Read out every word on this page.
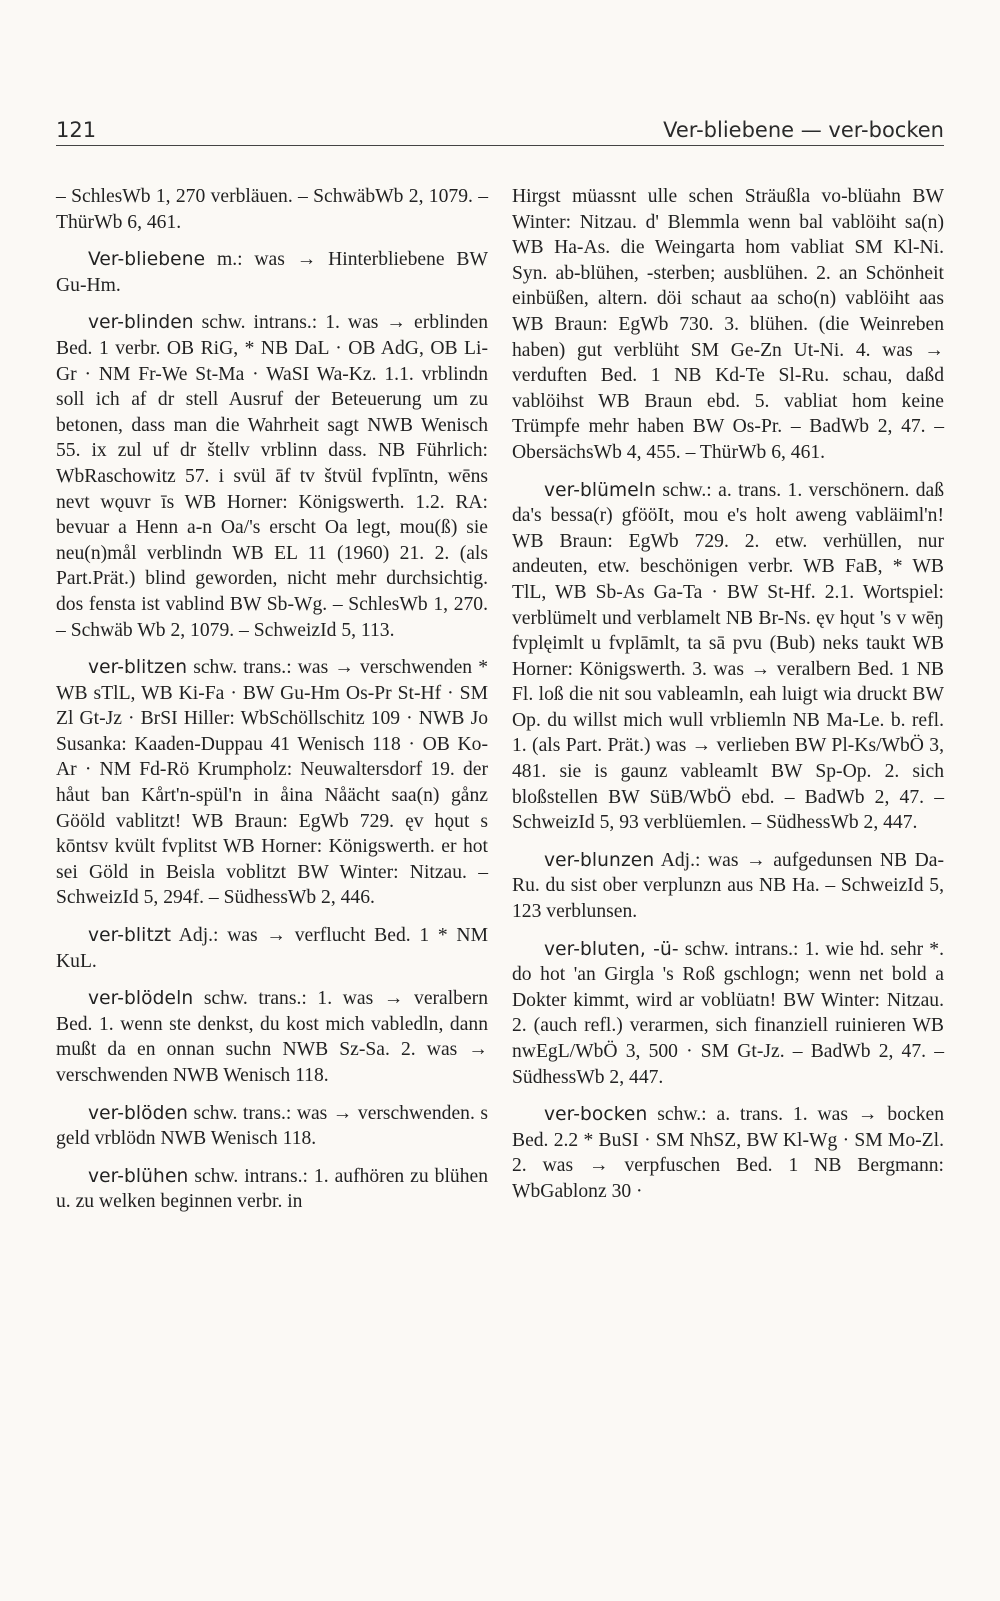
121	Ver-bliebene — ver-bocken

– SchlesWb 1, 270 verbläuen. – SchwäbWb 2, 1079. – ThürWb 6, 461.

Ver-bliebene m.: was → Hinterbliebene BW Gu-Hm.

ver-blinden schw. intrans.: 1. was → erblinden Bed. 1 verbr. OB RiG, * NB DaL · OB AdG, OB Li-Gr · NM Fr-We St-Ma · WaSI Wa-Kz. 1.1. vrblindn soll ich af dr stell Ausruf der Beteuerung um zu betonen, dass man die Wahrheit sagt NWB Wenisch 55. ix zul uf dr štellv vrblinn dass. NB Führlich: WbRaschowitz 57. i svül āf tv štvül fvplīntn, wēns nevt wǫuvr īs WB Horner: Königswerth. 1.2. RA: bevuar a Henn a-n Oa/'s erscht Oa legt, mou(ß) sie neu(n)mål verblindn WB EL 11 (1960) 21. 2. (als Part.Prät.) blind geworden, nicht mehr durchsichtig. dos fensta ist vablind BW Sb-Wg. – SchlesWb 1, 270. – Schwäb Wb 2, 1079. – SchweizId 5, 113.

ver-blitzen schw. trans.: was → verschwenden * WB sTlL, WB Ki-Fa · BW Gu-Hm Os-Pr St-Hf · SM Zl Gt-Jz · BrSI Hiller: WbSchöllschitz 109 · NWB Jo Susanka: Kaaden-Duppau 41 Wenisch 118 · OB Ko-Ar · NM Fd-Rö Krumpholz: Neuwaltersdorf 19. der håut ban Kårt'n-spül'n in åina Nåächt saa(n) gånz Gööld vablitzt! WB Braun: EgWb 729. ęv hǫut s kōntsv kvült fvplitst WB Horner: Königswerth. er hot sei Göld in Beisla voblitzt BW Winter: Nitzau. – SchweizId 5, 294f. – SüdhessWb 2, 446.

ver-blitzt Adj.: was → verflucht Bed. 1 * NM KuL.

ver-blödeln schw. trans.: 1. was → veralbern Bed. 1. wenn ste denkst, du kost mich vabledln, dann mußt da en onnan suchn NWB Sz-Sa. 2. was → verschwenden NWB Wenisch 118.

ver-blöden schw. trans.: was → verschwenden. s geld vrblödn NWB Wenisch 118.

ver-blühen schw. intrans.: 1. aufhören zu blühen u. zu welken beginnen verbr. in

Hirgst müassnt ulle schen Sträußla vo-blüahn BW Winter: Nitzau. d' Blemmla wenn bal vablöiht sa(n) WB Ha-As. die Weingarta hom vabliat SM Kl-Ni. Syn. ab-blühen, -sterben; ausblühen. 2. an Schönheit einbüßen, altern. döi schaut aa scho(n) vablöiht aas WB Braun: EgWb 730. 3. blühen. (die Weinreben haben) gut verblüht SM Ge-Zn Ut-Ni. 4. was → verduften Bed. 1 NB Kd-Te Sl-Ru. schau, daßd vablöihst WB Braun ebd. 5. vabliat hom keine Trümpfe mehr haben BW Os-Pr. – BadWb 2, 47. – ObersächsWb 4, 455. – ThürWb 6, 461.

ver-blümeln schw.: a. trans. 1. verschönern. daß da's bessa(r) gfööIt, mou e's holt aweng vabläiml'n! WB Braun: EgWb 729. 2. etw. verhüllen, nur andeuten, etw. beschönigen verbr. WB FaB, * WB TlL, WB Sb-As Ga-Ta · BW St-Hf. 2.1. Wortspiel: verblümelt und verblamelt NB Br-Ns. ęv hǫut 's v wēŋ fvplęimlt u fvplāmlt, ta sā pvu (Bub) neks taukt WB Horner: Königswerth. 3. was → veralbern Bed. 1 NB Fl. loß die nit sou vableamln, eah luigt wia druckt BW Op. du willst mich wull vrbliemln NB Ma-Le. b. refl. 1. (als Part. Prät.) was → verlieben BW Pl-Ks/WbÖ 3, 481. sie is gaunz vableamlt BW Sp-Op. 2. sich bloßstellen BW SüB/WbÖ ebd. – BadWb 2, 47. – SchweizId 5, 93 verblüemlen. – SüdhessWb 2, 447.

ver-blunzen Adj.: was → aufgedunsen NB Da-Ru. du sist ober verplunzn aus NB Ha. – SchweizId 5, 123 verblunsen.

ver-bluten, -ü- schw. intrans.: 1. wie hd. sehr *. do hot 'an Girgla 's Roß gschlogn; wenn net bold a Dokter kimmt, wird ar voblüatn! BW Winter: Nitzau. 2. (auch refl.) verarmen, sich finanziell ruinieren WB nwEgL/WbÖ 3, 500 · SM Gt-Jz. – BadWb 2, 47. – SüdhessWb 2, 447.

ver-bocken schw.: a. trans. 1. was → bocken Bed. 2.2 * BuSI · SM NhSZ, BW Kl-Wg · SM Mo-Zl. 2. was → verpfuschen Bed. 1 NB Bergmann: WbGablonz 30 ·
